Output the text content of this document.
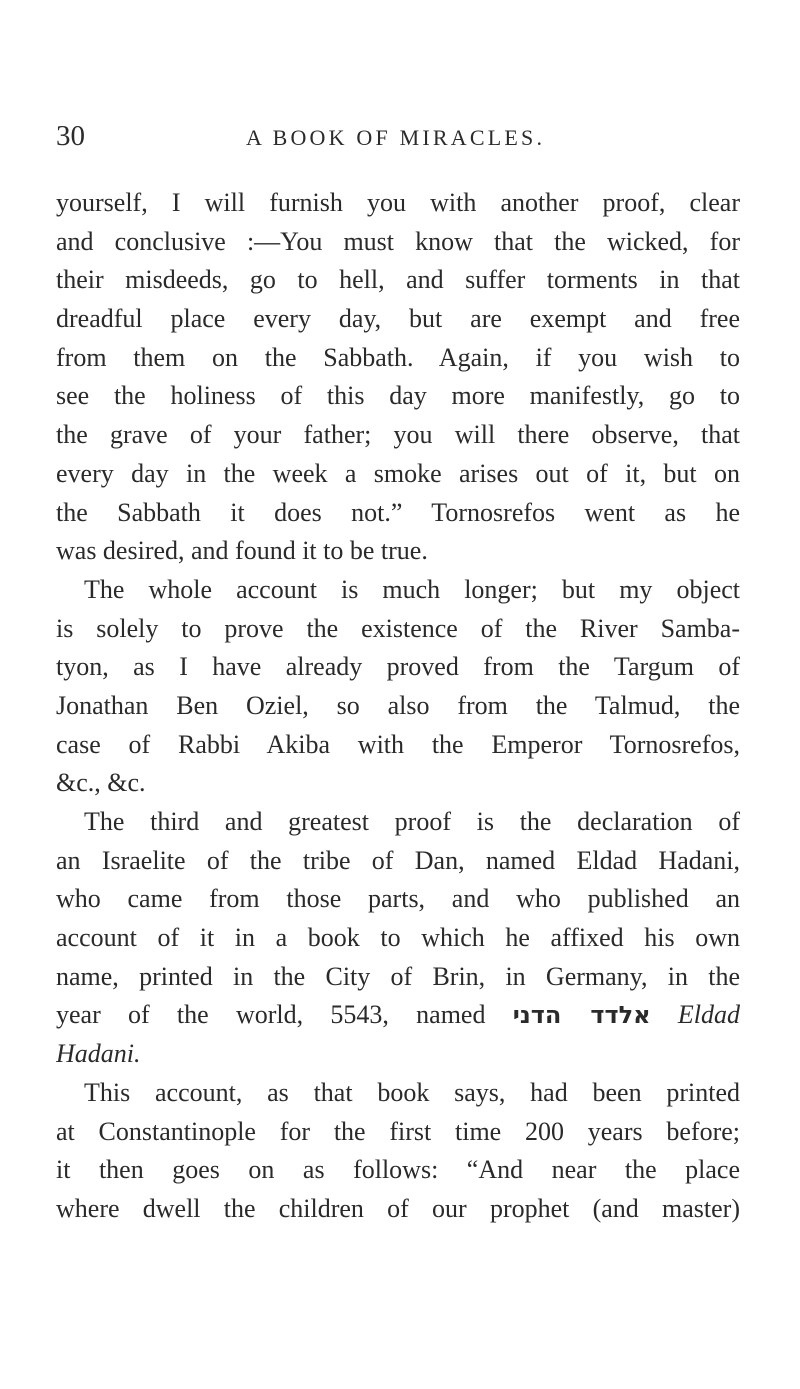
30	A BOOK OF MIRACLES.
yourself, I will furnish you with another proof, clear
and conclusive :—You must know that the wicked, for
their misdeeds, go to hell, and suffer torments in that
dreadful place every day, but are exempt and free
from them on the Sabbath. Again, if you wish to
see the holiness of this day more manifestly, go to
the grave of your father; you will there observe, that
every day in the week a smoke arises out of it, but on
the Sabbath it does not.” Tornosrefos went as he
was desired, and found it to be true.
The whole account is much longer; but my object
is solely to prove the existence of the River Samba-
tyon, as I have already proved from the Targum of
Jonathan Ben Oziel, so also from the Talmud, the
case of Rabbi Akiba with the Emperor Tornosrefos,
&c., &c.
The third and greatest proof is the declaration of
an Israelite of the tribe of Dan, named Eldad Hadani,
who came from those parts, and who published an
account of it in a book to which he affixed his own
name, printed in the City of Brin, in Germany, in the
year of the world, 5543, named אלדד הדני Eldad
Hadani.
This account, as that book says, had been printed
at Constantinople for the first time 200 years before;
it then goes on as follows: “And near the place
where dwell the children of our prophet (and master)
